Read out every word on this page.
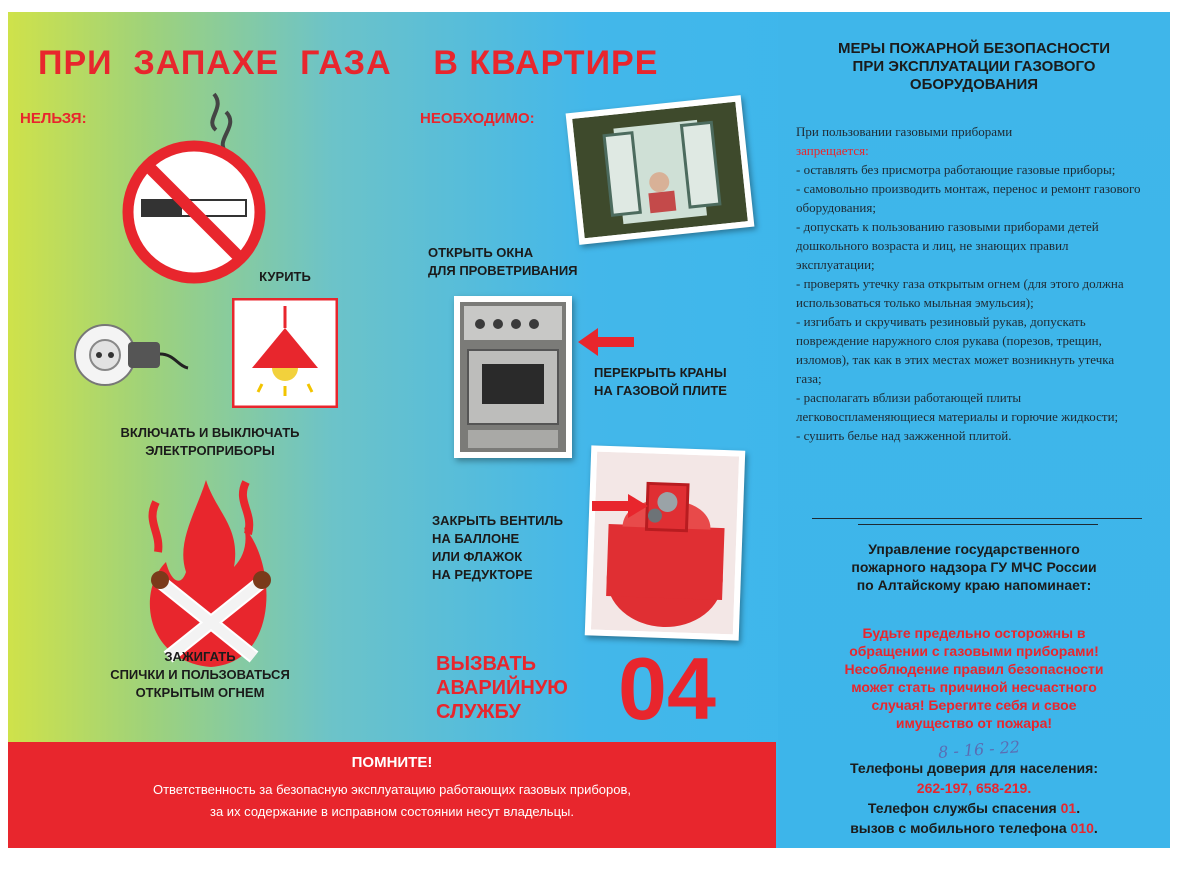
ПРИ  ЗАПАХЕ  ГАЗА    В КВАРТИРЕ
НЕЛЬЗЯ:
КУРИТЬ
ВКЛЮЧАТЬ И ВЫКЛЮЧАТЬ
ЭЛЕКТРОПРИБОРЫ
ЗАЖИГАТЬ
СПИЧКИ И ПОЛЬЗОВАТЬСЯ
ОТКРЫТЫМ ОГНЕМ
НЕОБХОДИМО:
ОТКРЫТЬ ОКНА
ДЛЯ ПРОВЕТРИВАНИЯ
ПЕРЕКРЫТЬ КРАНЫ
НА ГАЗОВОЙ ПЛИТЕ
ЗАКРЫТЬ ВЕНТИЛЬ
НА БАЛЛОНЕ
ИЛИ ФЛАЖОК
НА РЕДУКТОРЕ
ВЫЗВАТЬ
АВАРИЙНУЮ
СЛУЖБУ	04
ПОМНИТЕ!

Ответственность за безопасную эксплуатацию работающих газовых приборов,
за их содержание в исправном состоянии несут владельцы.

МЕРЫ ПОЖАРНОЙ БЕЗОПАСНОСТИ
ПРИ ЭКСПЛУАТАЦИИ ГАЗОВОГО
ОБОРУДОВАНИЯ
При пользовании газовыми приборами
запрещается:
- оставлять без присмотра работающие газовые приборы;
- самовольно производить монтаж, перенос и ремонт газового оборудования;
- допускать к пользованию газовыми приборами детей дошкольного возраста и лиц, не знающих правил эксплуатации;
- проверять утечку газа открытым огнем (для этого должна использоваться только мыльная эмульсия);
- изгибать и скручивать резиновый рукав, допускать повреждение наружного слоя рукава (порезов, трещин, изломов), так как в этих местах может возникнуть утечка газа;
- располагать вблизи работающей плиты легковоспламеняющиеся материалы и горючие жидкости;
- сушить белье над зажженной плитой.
Управление государственного
пожарного надзора ГУ МЧС России
по Алтайскому краю напоминает:
Будьте предельно осторожны в
обращении с газовыми приборами!
Несоблюдение правил безопасности
может стать причиной несчастного
случая! Берегите себя и свое
имущество от пожара!
8 - 16 - 22
Телефоны доверия для населения:
262-197, 658-219.
Телефон службы спасения 01.
вызов с мобильного телефона 010.
